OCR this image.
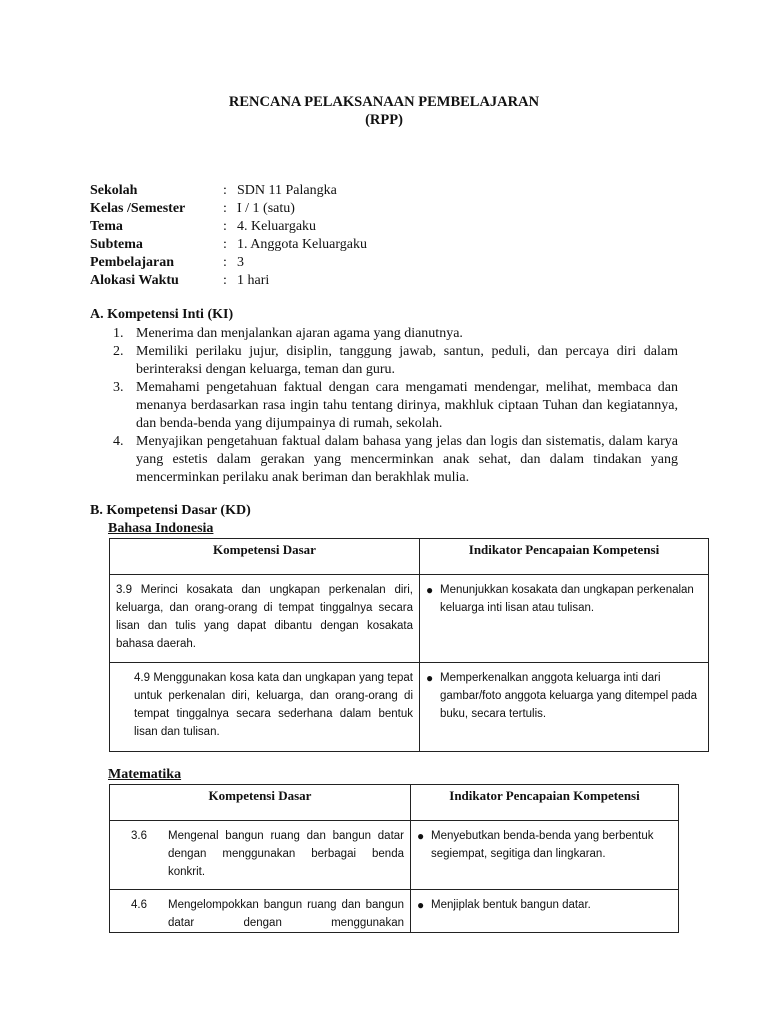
RENCANA PELAKSANAAN PEMBELAJARAN
(RPP)
Sekolah	: SDN 11 Palangka
Kelas /Semester	: I / 1 (satu)
Tema	: 4. Keluargaku
Subtema	: 1. Anggota Keluargaku
Pembelajaran	: 3
Alokasi Waktu	: 1 hari
A. Kompetensi Inti (KI)
1. Menerima dan menjalankan ajaran agama yang dianutnya.
2. Memiliki perilaku jujur, disiplin, tanggung jawab, santun, peduli, dan percaya diri dalam berinteraksi dengan keluarga, teman dan guru.
3. Memahami pengetahuan faktual dengan cara mengamati mendengar, melihat, membaca dan menanya berdasarkan rasa ingin tahu tentang dirinya, makhluk ciptaan Tuhan dan kegiatannya, dan benda-benda yang dijumpainya di rumah, sekolah.
4. Menyajikan pengetahuan faktual dalam bahasa yang jelas dan logis dan sistematis, dalam karya yang estetis dalam gerakan yang mencerminkan anak sehat, dan dalam tindakan yang mencerminkan perilaku anak beriman dan berakhlak mulia.
B. Kompetensi Dasar (KD)
Bahasa Indonesia
Kompetensi Dasar	Indikator Pencapaian Kompetensi

3.9 Merinci kosakata dan ungkapan perkenalan diri, keluarga, dan orang-orang di tempat tinggalnya secara lisan dan tulis yang dapat dibantu dengan kosakata bahasa daerah.	● Menunjukkan kosakata dan ungkapan perkenalan keluarga inti lisan atau tulisan.

4.9 Menggunakan kosa kata dan ungkapan yang tepat untuk perkenalan diri, keluarga, dan orang-orang di tempat tinggalnya secara sederhana dalam bentuk lisan dan tulisan.	● Memperkenalkan anggota keluarga inti dari gambar/foto anggota keluarga yang ditempel pada buku, secara tertulis.
Matematika
Kompetensi Dasar	Indikator Pencapaian Kompetensi

3.6 Mengenal bangun ruang dan bangun datar dengan menggunakan berbagai benda konkrit.	● Menyebutkan benda-benda yang berbentuk segiempat, segitiga dan lingkaran.

4.6 Mengelompokkan bangun ruang dan bangun datar dengan menggunakan	● Menjiplak bentuk bangun datar.
